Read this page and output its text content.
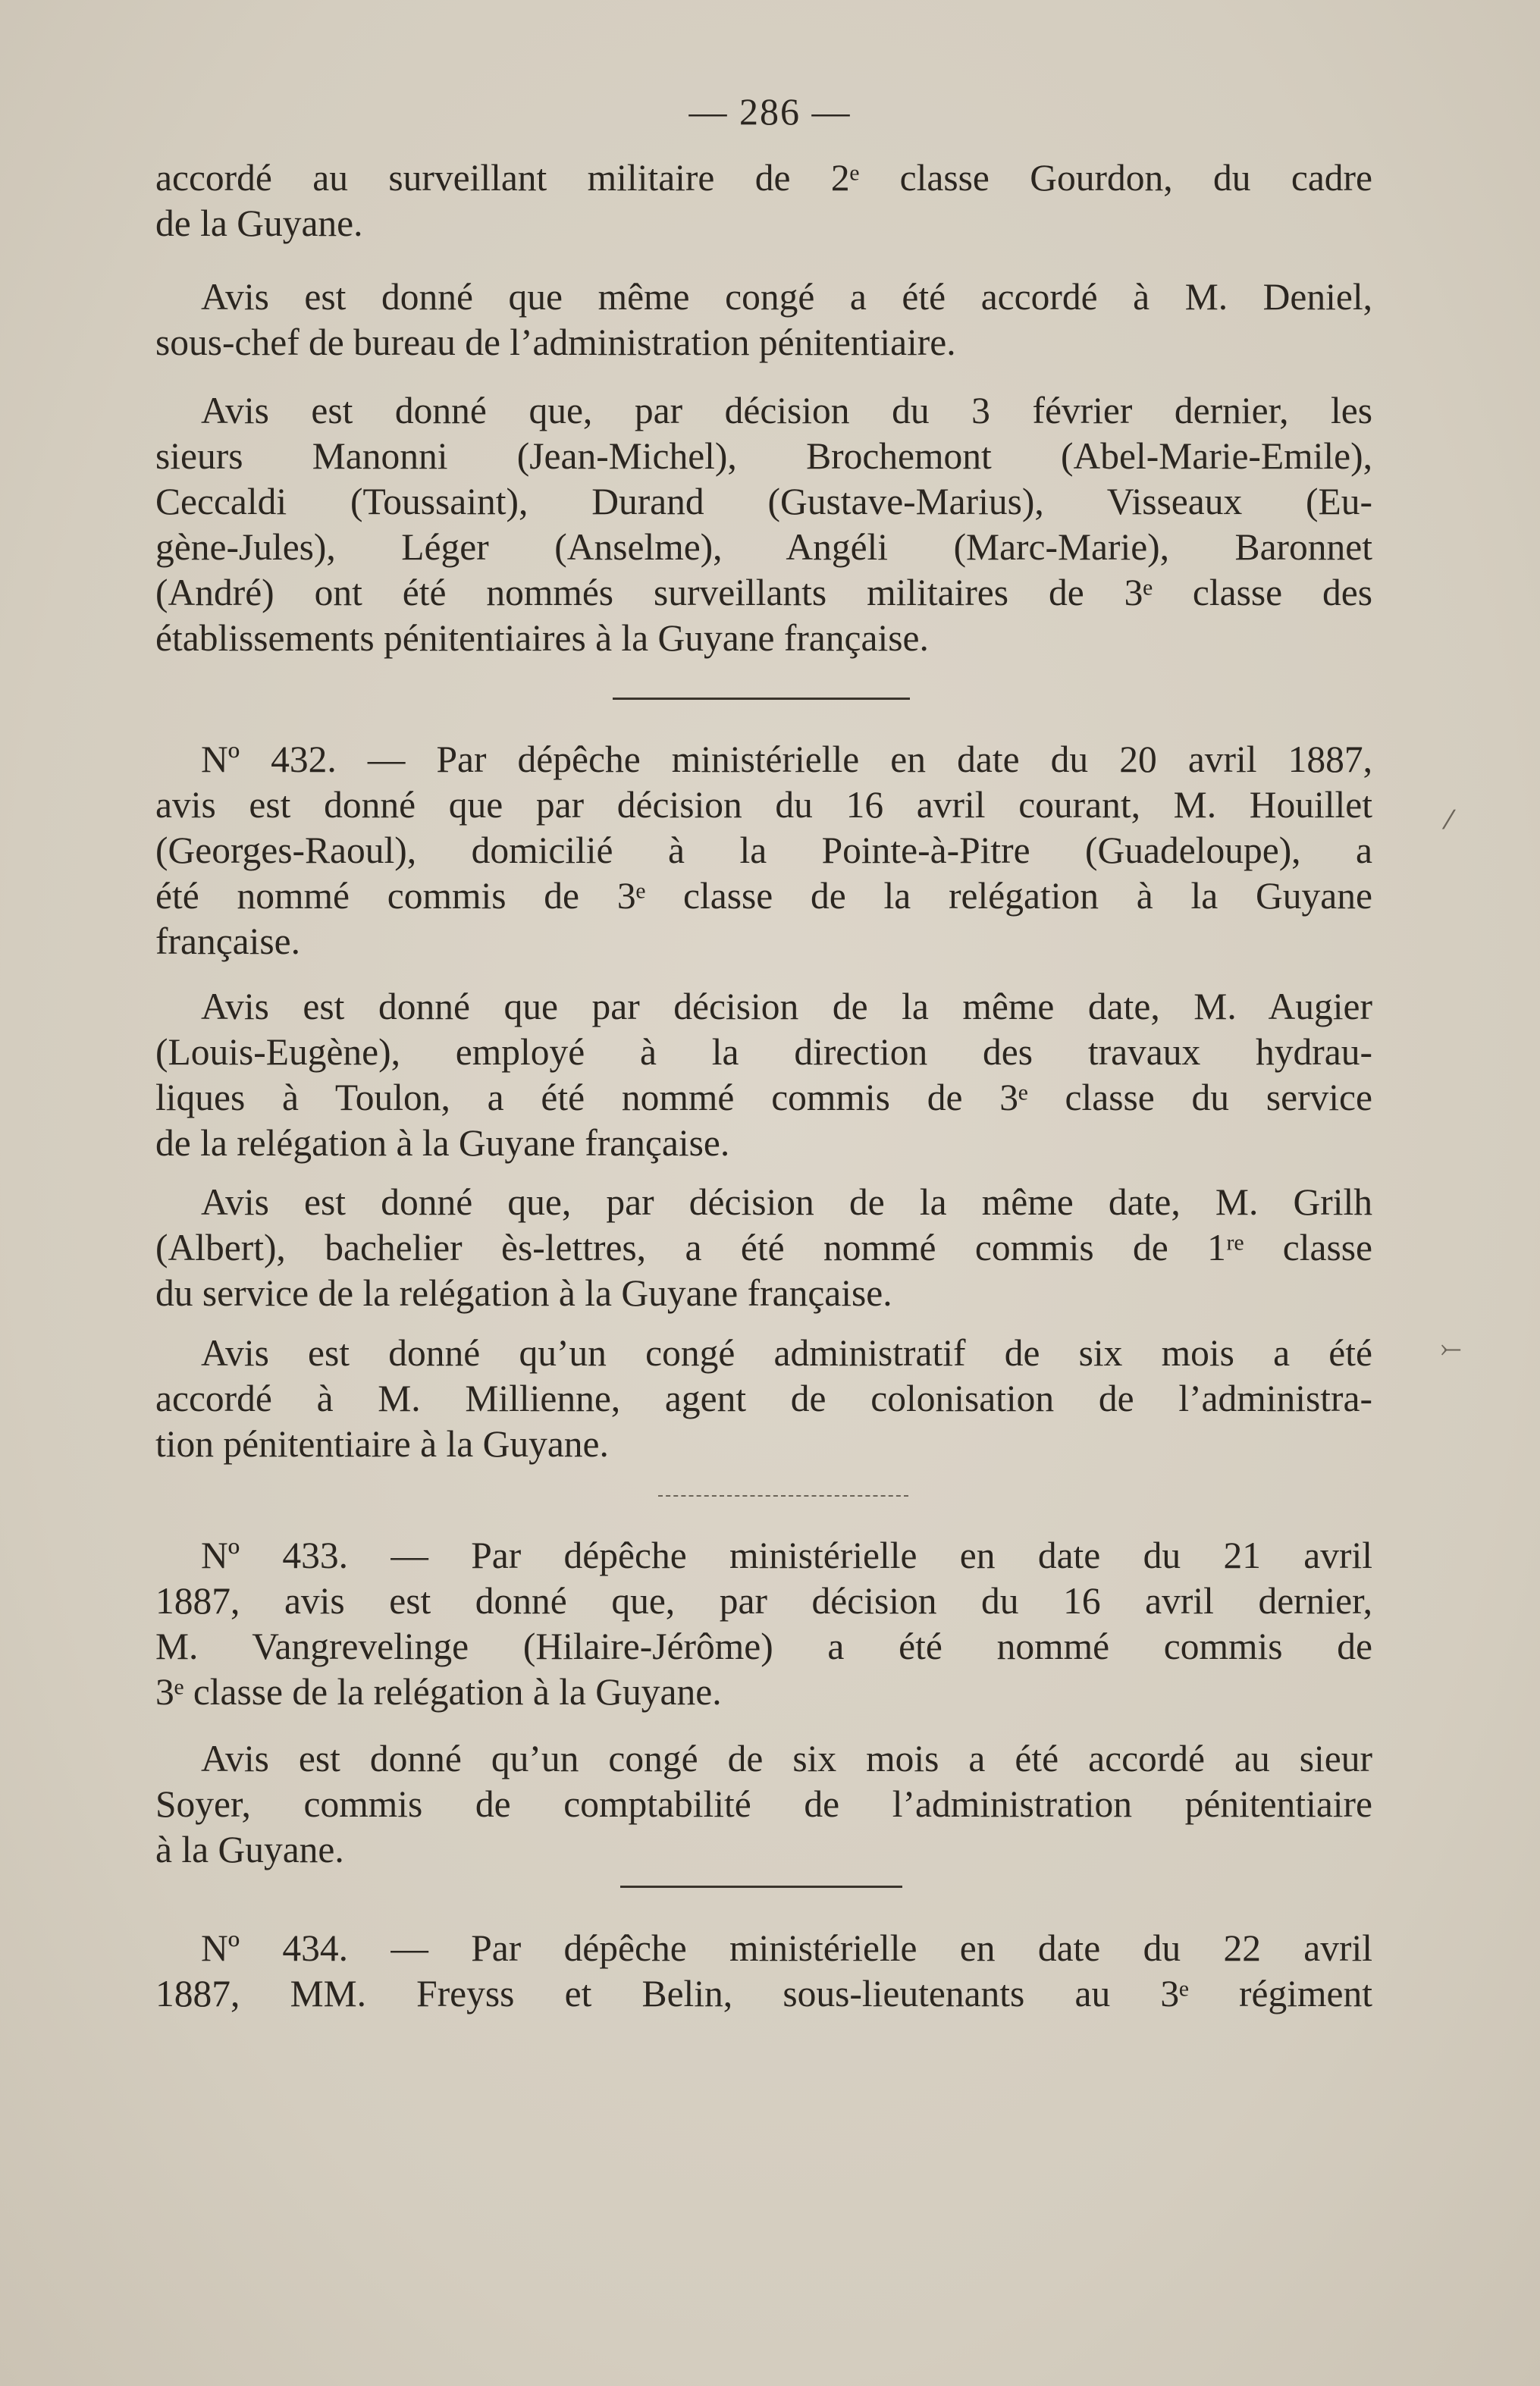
— 286 —

accordé au surveillant militaire de 2ᵉ classe Gourdon, du cadre
de la Guyane.

Avis est donné que même congé a été accordé à M. Deniel,
sous-chef de bureau de l’administration pénitentiaire.

Avis est donné que, par décision du 3 février dernier, les
sieurs Manonni (Jean-Michel), Brochemont (Abel-Marie-Emile),
Ceccaldi (Toussaint), Durand (Gustave-Marius), Visseaux (Eu-
gène-Jules), Léger (Anselme), Angéli (Marc-Marie), Baronnet
(André) ont été nommés surveillants militaires de 3ᵉ classe des
établissements pénitentiaires à la Guyane française.

Nº 432. — Par dépêche ministérielle en date du 20 avril 1887,
avis est donné que par décision du 16 avril courant, M. Houillet
(Georges-Raoul), domicilié à la Pointe-à-Pitre (Guadeloupe), a
été nommé commis de 3ᵉ classe de la relégation à la Guyane
française.

Avis est donné que par décision de la même date, M. Augier
(Louis-Eugène), employé à la direction des travaux hydrau-
liques à Toulon, a été nommé commis de 3ᵉ classe du service
de la relégation à la Guyane française.

Avis est donné que, par décision de la même date, M. Grilh
(Albert), bachelier ès-lettres, a été nommé commis de 1ʳᵉ classe
du service de la relégation à la Guyane française.

Avis est donné qu’un congé administratif de six mois a été
accordé à M. Millienne, agent de colonisation de l’administra-
tion pénitentiaire à la Guyane.

Nº 433. — Par dépêche ministérielle en date du 21 avril
1887, avis est donné que, par décision du 16 avril dernier,
M. Vangrevelinge (Hilaire-Jérôme) a été nommé commis de
3ᵉ classe de la relégation à la Guyane.

Avis est donné qu’un congé de six mois a été accordé au sieur
Soyer, commis de comptabilité de l’administration pénitentiaire
à la Guyane.

Nº 434. — Par dépêche ministérielle en date du 22 avril
1887, MM. Freyss et Belin, sous-lieutenants au 3ᵉ régiment

⁄
⤚
